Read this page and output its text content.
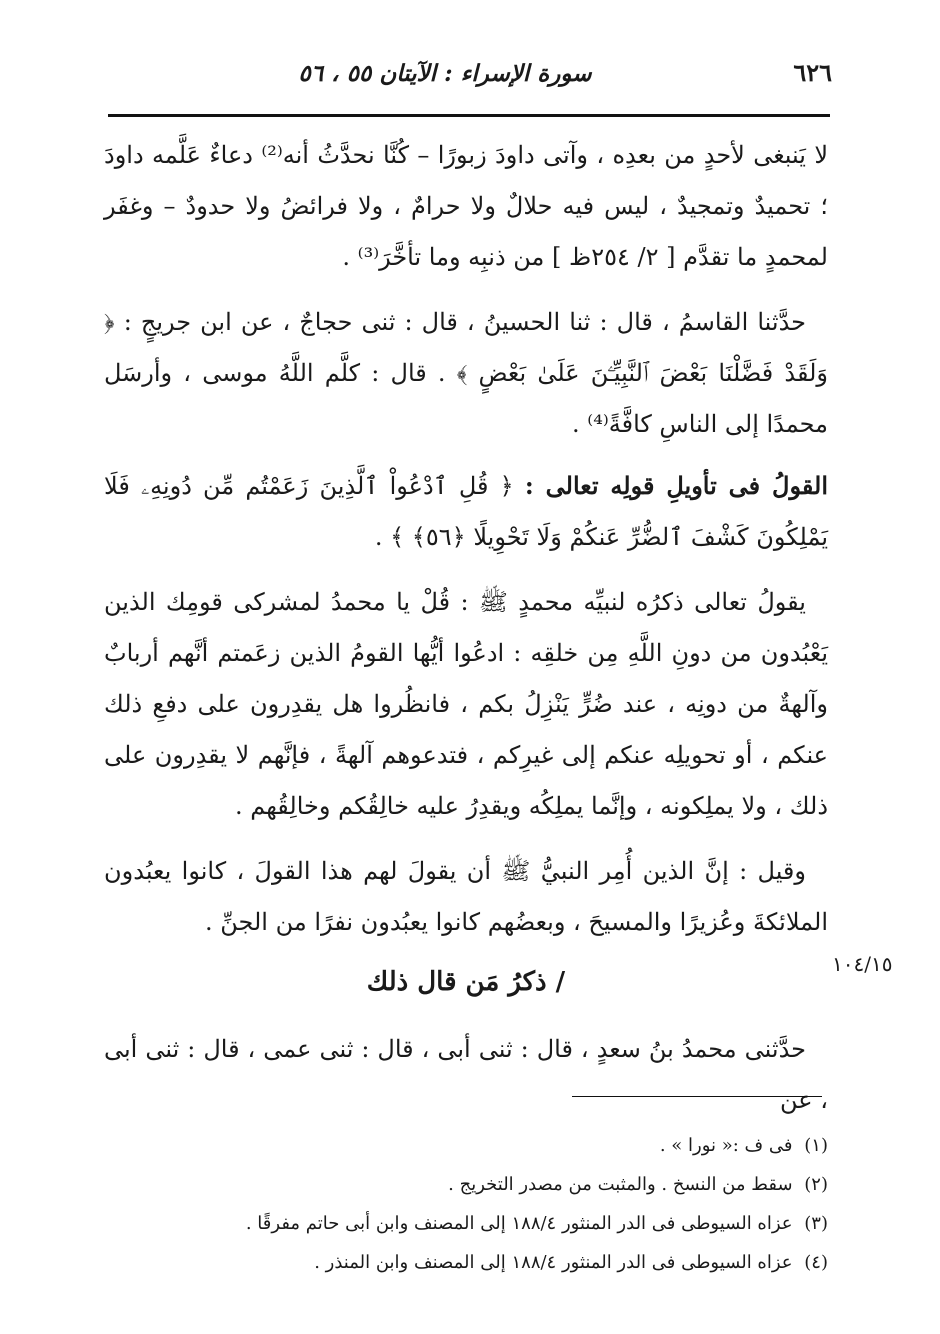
٦٢٦
سورة الإسراء : الآيتان ٥٥ ، ٥٦

لا يَنبغى لأحدٍ من بعدِه ، وآتى داودَ زبورًا – كُنَّا نحدَّثُ أنه⁽²⁾ دعاءٌ عَلَّمه داودَ ؛ تحميدٌ وتمجيدٌ ، ليس فيه حلالٌ ولا حرامٌ ، ولا فرائضُ ولا حدودٌ – وغفَر لمحمدٍ ما تقدَّم [ ٢/ ٢٥٤ظ ] من ذنبِه وما تأخَّرَ⁽³⁾ .

حدَّثنا القاسمُ ، قال : ثنا الحسينُ ، قال : ثنى حجاجٌ ، عن ابن جريجٍ : ﴿ وَلَقَدْ فَضَّلْنَا بَعْضَ ٱلنَّبِيِّـۧنَ عَلَىٰ بَعْضٍ ﴾ . قال : كلَّم اللَّهُ موسى ، وأرسَل محمدًا إلى الناسِ كافَّةً⁽⁴⁾ .

القولُ فى تأويلِ قولِه تعالى : ﴿ قُلِ ٱدْعُواْ ٱلَّذِينَ زَعَمْتُم مِّن دُونِهِۦ فَلَا يَمْلِكُونَ كَشْفَ ٱلضُّرِّ عَنكُمْ وَلَا تَحْوِيلًا ﴿٥٦﴾ ﴾ .

يقولُ تعالى ذكرُه لنبيِّه محمدٍ ﷺ : قُلْ يا محمدُ لمشركى قومِك الذين يَعْبُدون من دونِ اللَّهِ مِن خلقِه : ادعُوا أيُّها القومُ الذين زعَمتم أنَّهم أربابٌ وآلهةٌ من دونِه ، عند ضُرٍّ يَنْزِلُ بكم ، فانظُروا هل يقدِرون على دفعِ ذلك عنكم ، أو تحويلِه عنكم إلى غيرِكم ، فتدعوهم آلهةً ، فإنَّهم لا يقدِرون على ذلك ، ولا يملِكونه ، وإنَّما يملِكُه ويقدِرُ عليه خالِقُكم وخالِقُهم .

وقيل : إنَّ الذين أُمِر النبيُّ ﷺ أن يقولَ لهم هذا القولَ ، كانوا يعبُدون الملائكةَ وعُزيرًا والمسيحَ ، وبعضُهم كانوا يعبُدون نفرًا من الجنِّ .

/ ذكرُ مَن قال ذلك

حدَّثنى محمدُ بنُ سعدٍ ، قال : ثنى أبى ، قال : ثنى عمى ، قال : ثنى أبى ، عن

١٠٤/١٥

(١) فى ف :« نورا » .

(٢) سقط من النسخ . والمثبت من مصدر التخريج .

(٣) عزاه السيوطى فى الدر المنثور ١٨٨/٤ إلى المصنف وابن أبى حاتم مفرقًا .

(٤) عزاه السيوطى فى الدر المنثور ١٨٨/٤ إلى المصنف وابن المنذر .
